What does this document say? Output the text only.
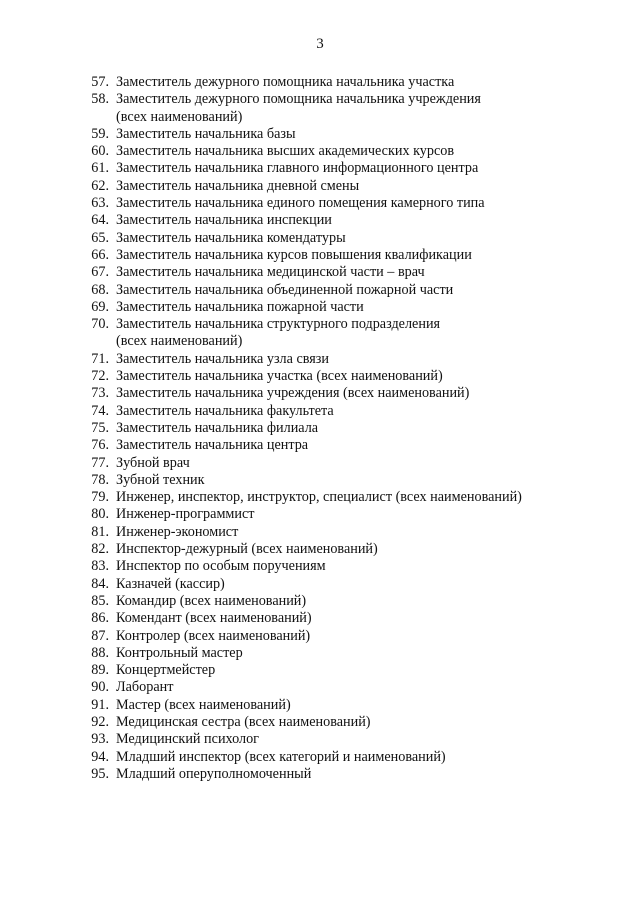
3
57. Заместитель дежурного помощника начальника участка
58. Заместитель дежурного помощника начальника учреждения
(всех наименований)
59. Заместитель начальника базы
60. Заместитель начальника высших академических курсов
61. Заместитель начальника главного информационного центра
62. Заместитель начальника дневной смены
63. Заместитель начальника единого помещения камерного типа
64. Заместитель начальника инспекции
65. Заместитель начальника комендатуры
66. Заместитель начальника курсов повышения квалификации
67. Заместитель начальника медицинской части – врач
68. Заместитель начальника объединенной пожарной части
69. Заместитель начальника пожарной части
70. Заместитель начальника структурного подразделения
(всех наименований)
71. Заместитель начальника узла связи
72. Заместитель начальника участка (всех наименований)
73. Заместитель начальника учреждения (всех наименований)
74. Заместитель начальника факультета
75. Заместитель начальника филиала
76. Заместитель начальника центра
77. Зубной врач
78. Зубной техник
79. Инженер, инспектор, инструктор, специалист (всех наименований)
80. Инженер-программист
81. Инженер-экономист
82. Инспектор-дежурный (всех наименований)
83. Инспектор по особым поручениям
84. Казначей (кассир)
85. Командир (всех наименований)
86. Комендант (всех наименований)
87. Контролер (всех наименований)
88. Контрольный мастер
89. Концертмейстер
90. Лаборант
91. Мастер (всех наименований)
92. Медицинская сестра (всех наименований)
93. Медицинский психолог
94. Младший инспектор (всех категорий и наименований)
95. Младший оперуполномоченный
